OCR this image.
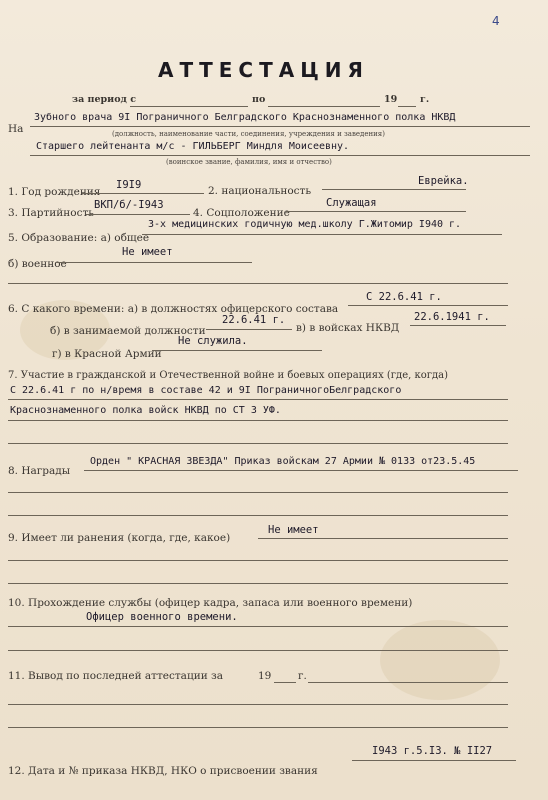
4
АТТЕСТАЦИЯ
за период с	по	19 г.
На
Зубного врача 9I Пограничного Белградского Краснознаменного полка НКВД
(должность, наименование части, соединения, учреждения и заведения)
Старшего лейтенанта м/с - ГИЛЬБЕРГ Миндля Моисеевну.
(воинское звание, фамилия, имя и отчество)
1. Год рождения
I9I9	2. национальность
Еврейка.
3. Партийность
ВКП/б/-I943
4. Соцположение
Служащая
5. Образование: а) общее
3-х медицинских годичную мед.школу Г.Житомир I940 г.
б) военное
Не имеет
6. С какого времени: а) в должностях офицерского состава
С 22.6.41 г.
б) в занимаемой должности
22.6.41 г.
в) в войсках НКВД
22.6.1941 г.
г) в Красной Армии
Не служила.
7. Участие в гражданской и Отечественной войне и боевых операциях (где, когда)
С 22.6.41 г по н/время в составе 42 и 9I ПограничногоБелградского
Краснознаменного полка войск НКВД по СТ 3 УФ.
8. Награды
Орден " КРАСНАЯ ЗВЕЗДА" Приказ войскам 27 Армии № 0133 от23.5.45
9. Имеет ли ранения (когда, где, какое)
Не имеет
10. Прохождение службы (офицер кадра, запаса или военного времени)
Офицер военного времени.
11. Вывод по последней аттестации за	19	г.
12. Дата и № приказа НКВД, НКО о присвоении звания
I943 г.5.I3. № II27
